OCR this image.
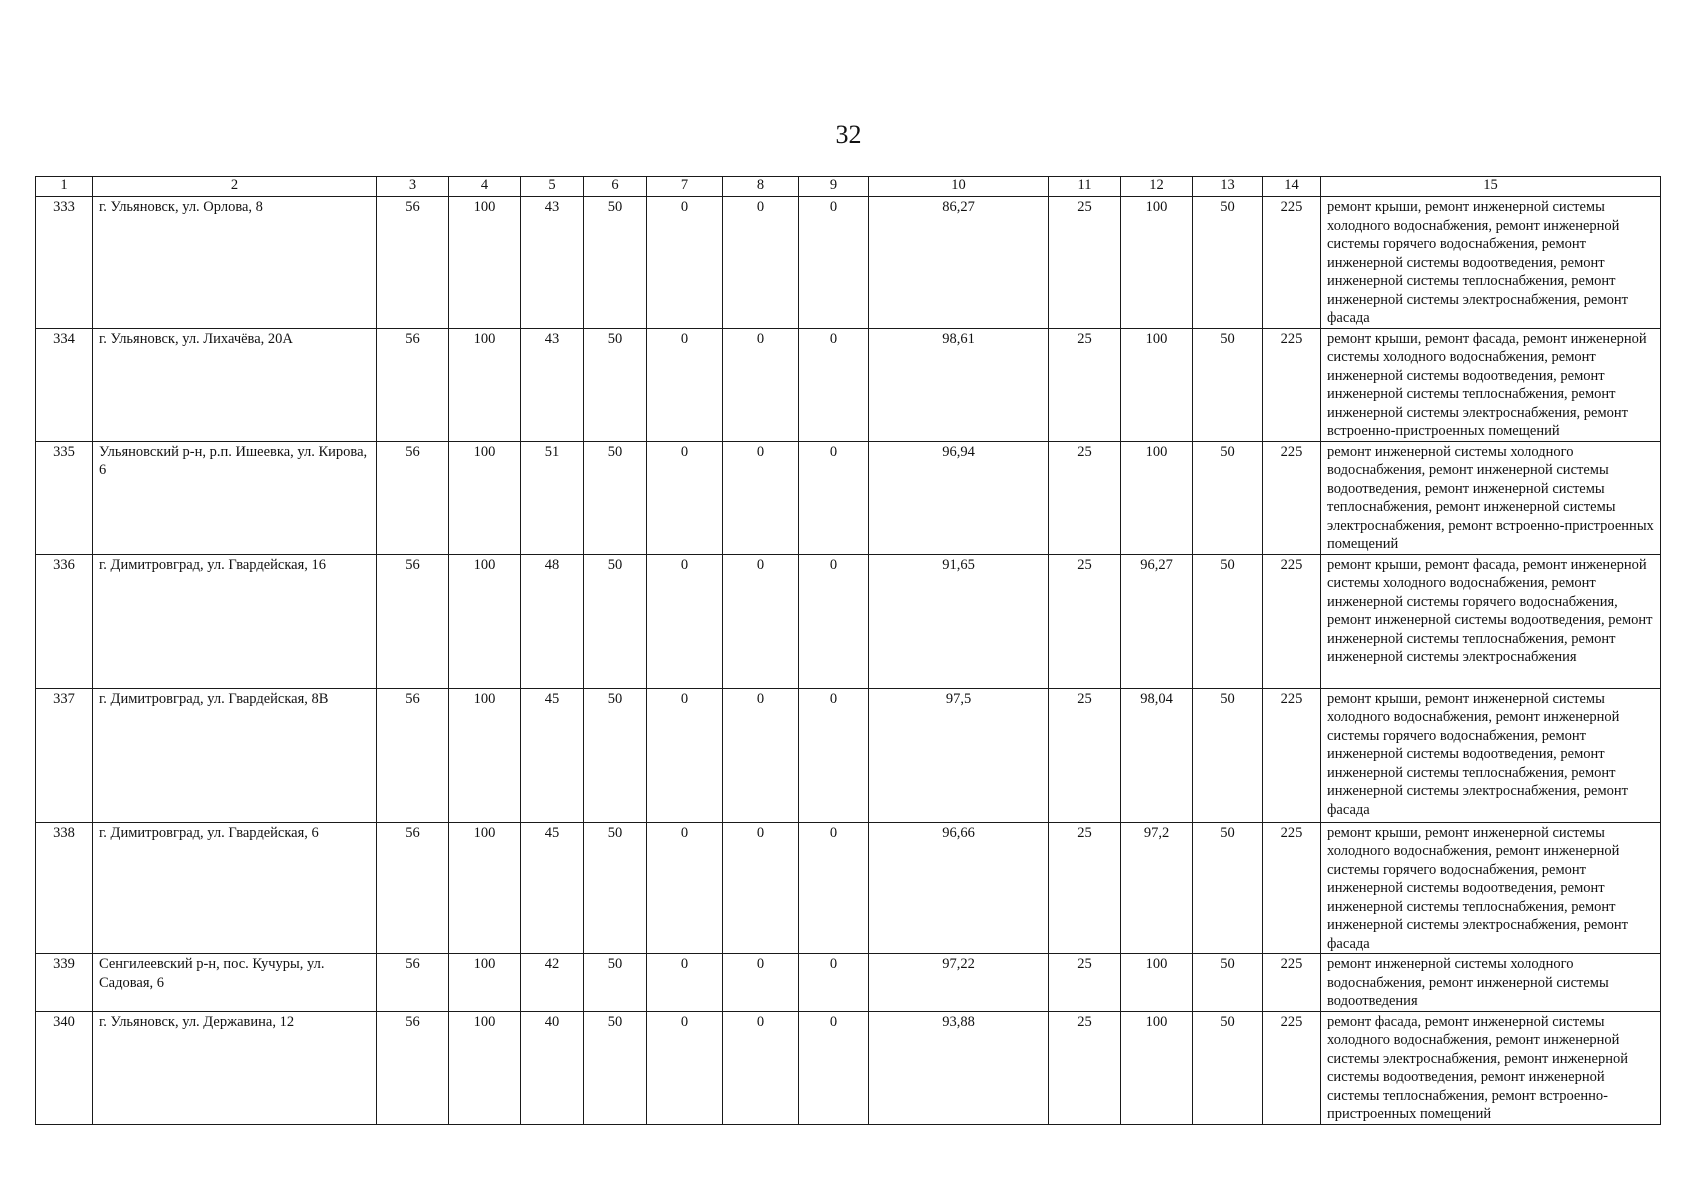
32
1	2	3	4	5	6	7	8	9	10	11	12	13	14	15
333	г. Ульяновск, ул. Орлова, 8	56	100	43	50	0	0	0	86,27	25	100	50	225	ремонт крыши, ремонт инженерной системы холодного водоснабжения, ремонт инженерной системы горячего водоснабжения, ремонт инженерной системы водоотведения, ремонт инженерной системы теплоснабжения, ремонт инженерной системы электроснабжения, ремонт фасада
334	г. Ульяновск, ул. Лихачёва, 20А	56	100	43	50	0	0	0	98,61	25	100	50	225	ремонт крыши, ремонт фасада, ремонт инженерной системы холодного водоснабжения, ремонт инженерной системы водоотведения, ремонт инженерной системы теплоснабжения, ремонт инженерной системы электроснабжения, ремонт встроенно-пристроенных помещений
335	Ульяновский р-н, р.п. Ишеевка, ул. Кирова, 6	56	100	51	50	0	0	0	96,94	25	100	50	225	ремонт инженерной системы холодного водоснабжения, ремонт инженерной системы водоотведения, ремонт инженерной системы теплоснабжения, ремонт инженерной системы электроснабжения, ремонт встроенно-пристроенных помещений
336	г. Димитровград, ул. Гвардейская, 16	56	100	48	50	0	0	0	91,65	25	96,27	50	225	ремонт крыши, ремонт фасада, ремонт инженерной системы холодного водоснабжения, ремонт инженерной системы горячего водоснабжения, ремонт инженерной системы водоотведения, ремонт инженерной системы теплоснабжения, ремонт инженерной системы электроснабжения
337	г. Димитровград, ул. Гвардейская, 8В	56	100	45	50	0	0	0	97,5	25	98,04	50	225	ремонт крыши, ремонт инженерной системы холодного водоснабжения, ремонт инженерной системы горячего водоснабжения, ремонт инженерной системы водоотведения, ремонт инженерной системы теплоснабжения, ремонт инженерной системы электроснабжения, ремонт фасада
338	г. Димитровград, ул. Гвардейская, 6	56	100	45	50	0	0	0	96,66	25	97,2	50	225	ремонт крыши, ремонт инженерной системы холодного водоснабжения, ремонт инженерной системы горячего водоснабжения, ремонт инженерной системы водоотведения, ремонт инженерной системы теплоснабжения, ремонт инженерной системы электроснабжения, ремонт фасада
339	Сенгилеевский р-н, пос. Кучуры, ул. Садовая, 6	56	100	42	50	0	0	0	97,22	25	100	50	225	ремонт инженерной системы холодного водоснабжения, ремонт инженерной системы водоотведения
340	г. Ульяновск, ул. Державина, 12	56	100	40	50	0	0	0	93,88	25	100	50	225	ремонт фасада, ремонт инженерной системы холодного водоснабжения, ремонт инженерной системы электроснабжения, ремонт инженерной системы водоотведения, ремонт инженерной системы теплоснабжения, ремонт встроенно-пристроенных помещений
